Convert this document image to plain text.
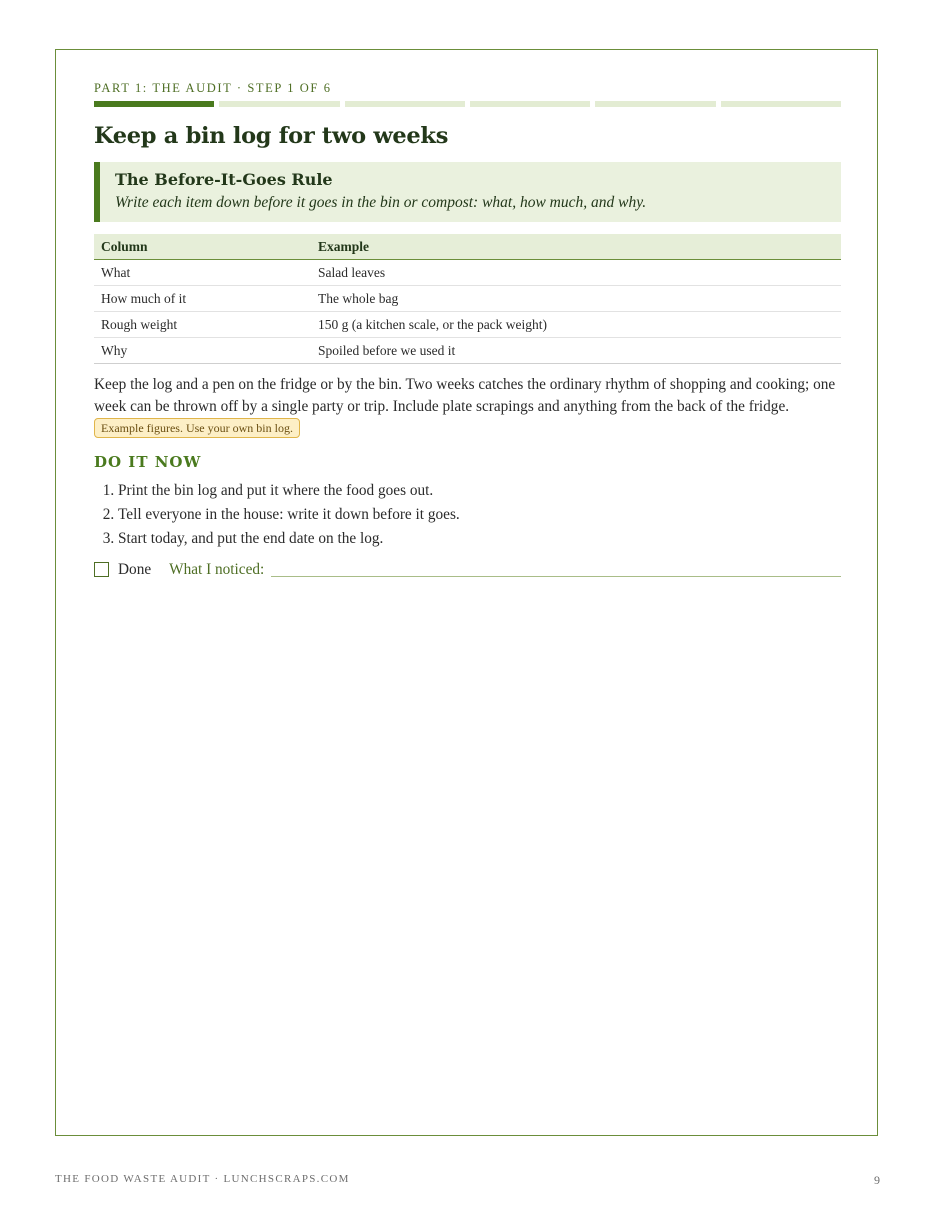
PART 1: THE AUDIT · STEP 1 OF 6
Keep a bin log for two weeks
The Before-It-Goes Rule
Write each item down before it goes in the bin or compost: what, how much, and why.
Column	Example
What	Salad leaves
How much of it	The whole bag
Rough weight	150 g (a kitchen scale, or the pack weight)
Why	Spoiled before we used it
Keep the log and a pen on the fridge or by the bin. Two weeks catches the ordinary rhythm of shopping and cooking; one week can be thrown off by a single party or trip. Include plate scrapings and anything from the back of the fridge. Example figures. Use your own bin log.
DO IT NOW
1. Print the bin log and put it where the food goes out.
2. Tell everyone in the house: write it down before it goes.
3. Start today, and put the end date on the log.
Done What I noticed:
THE FOOD WASTE AUDIT · LUNCHSCRAPS.COM	9
